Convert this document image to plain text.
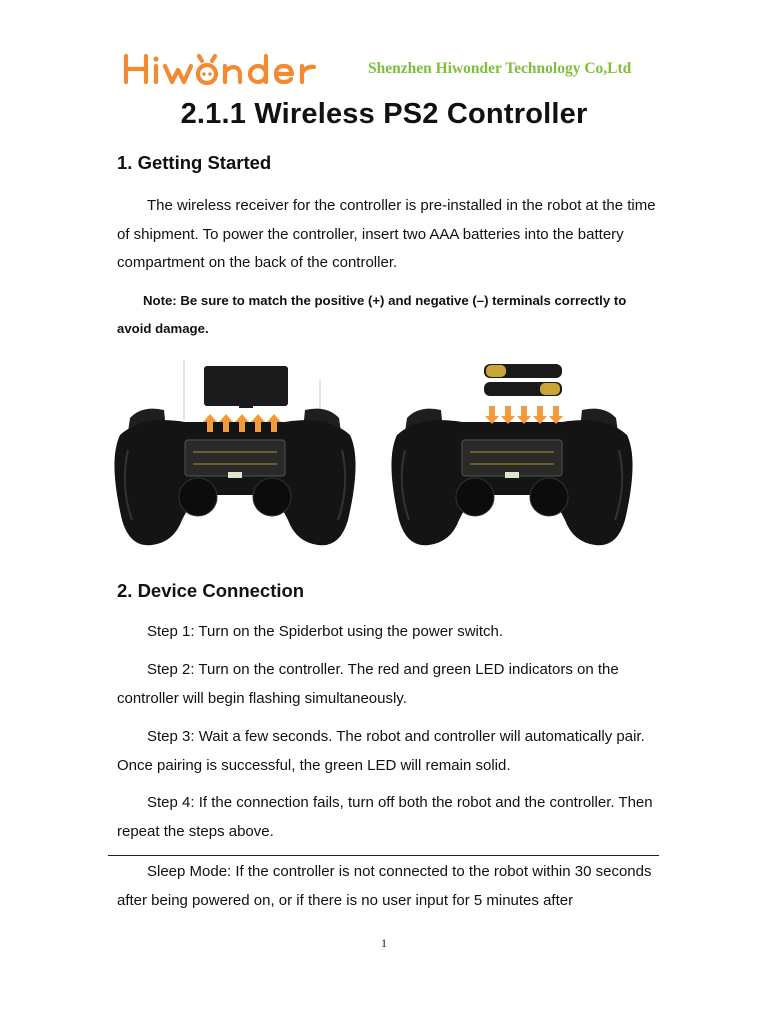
Shenzhen Hiwonder Technology Co,Ltd
2.1.1 Wireless PS2 Controller
1. Getting Started

The wireless receiver for the controller is pre-installed in the robot at the time of shipment. To power the controller, insert two AAA batteries into the battery compartment on the back of the controller.

Note: Be sure to match the positive (+) and negative (–) terminals correctly to avoid damage.

2. Device Connection

Step 1: Turn on the Spiderbot using the power switch.

Step 2: Turn on the controller. The red and green LED indicators on the controller will begin flashing simultaneously.

Step 3: Wait a few seconds. The robot and controller will automatically pair. Once pairing is successful, the green LED will remain solid.

Step 4: If the connection fails, turn off both the robot and the controller. Then repeat the steps above.

Sleep Mode: If the controller is not connected to the robot within 30 seconds after being powered on, or if there is no user input for 5 minutes after

1
